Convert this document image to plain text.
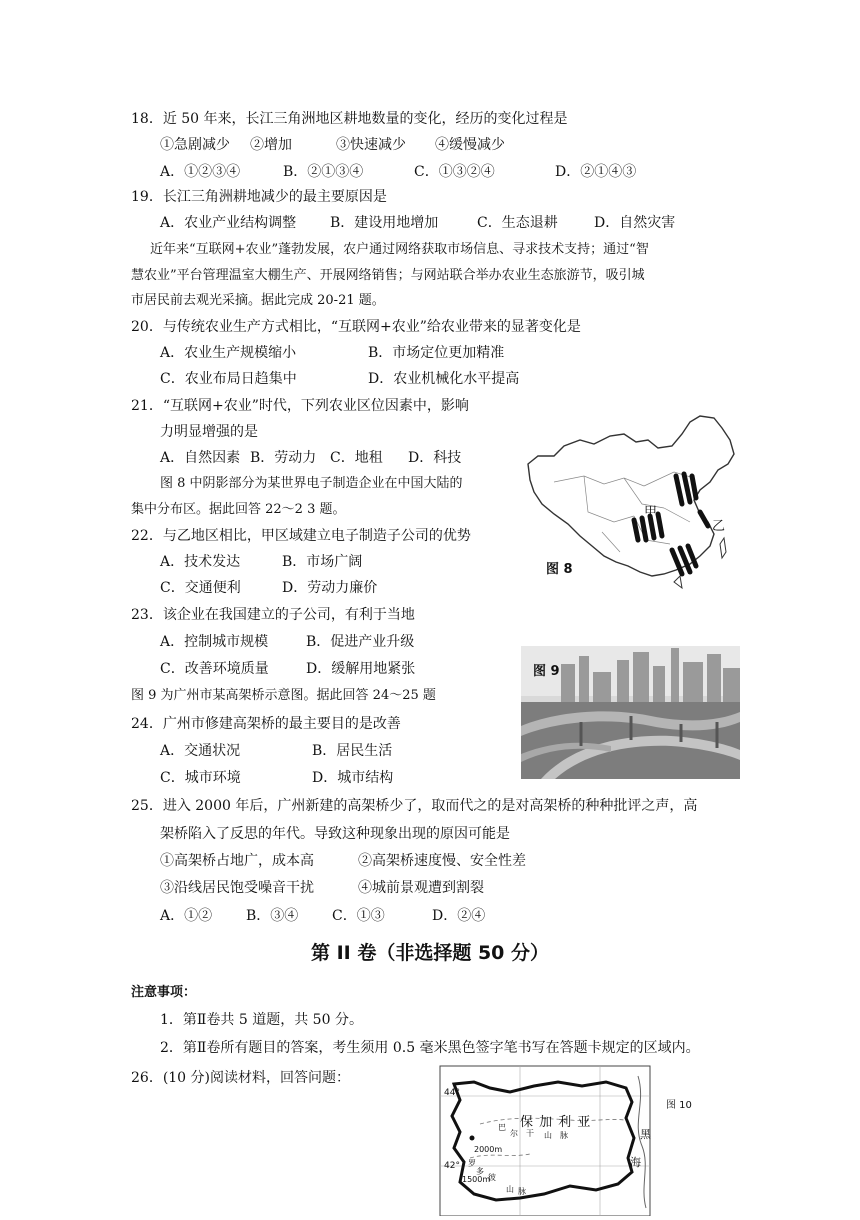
18．近 50 年来，长江三角洲地区耕地数量的变化，经历的变化过程是
①急剧减少 ②增加	③快速减少 ④缓慢减少
A．①②③④	B．②①③④	C．①③②④	D．②①④③
19．长江三角洲耕地减少的最主要原因是
A．农业产业结构调整 B．建设用地增加	C．生态退耕	D．自然灾害
近年来“互联网+农业”蓬勃发展，农户通过网络获取市场信息、寻求技术支持；通过“智
慧农业”平台管理温室大棚生产、开展网络销售；与网站联合举办农业生态旅游节，吸引城
市居民前去观光采摘。据此完成 20-21 题。
20．与传统农业生产方式相比，“互联网+农业”给农业带来的显著变化是
A．农业生产规模缩小	B．市场定位更加精准
C．农业布局日趋集中	D．农业机械化水平提高
21．“互联网+农业”时代，下列农业区位因素中，影响
力明显增强的是
A．自然因素 B．劳动力 C．地租 D．科技
图 8 中阴影部分为某世界电子制造企业在中国大陆的
集中分布区。据此回答 22～2 3 题。	甲
乙
图 8
22．与乙地区相比，甲区域建立电子制造子公司的优势
A．技术发达	B．市场广阔
C．交通便利	D．劳动力廉价
23．该企业在我国建立的子公司，有利于当地
A．控制城市规模	B．促进产业升级
C．改善环境质量	D．缓解用地紧张	图 9
图 9 为广州市某高架桥示意图。据此回答 24～25 题
24．广州市修建高架桥的最主要目的是改善
A．交通状况	B．居民生活
C．城市环境	D．城市结构
25．进入 2000 年后，广州新建的高架桥少了，取而代之的是对高架桥的种种批评之声，高
架桥陷入了反思的年代。导致这种现象出现的原因可能是
①高架桥占地广，成本高	②高架桥速度慢、安全性差
③沿线居民饱受噪音干扰	④城前景观遭到割裂
A．①② B．③④ C．①③	D．②④
第 II 卷（非选择题 50 分）
注意事项：
1．第Ⅱ卷共 5 道题，共 50 分。
2．第Ⅱ卷所有题目的答案，考生须用 0.5 毫米黑色签字笔书写在答题卡规定的区域内。
26．(10 分)阅读材料，回答问题：
44°
42°
保 加 利 亚
黑
海
2000m
1500m
巴
尔 干 山 脉
罗
多
彼
山 脉
图 10
